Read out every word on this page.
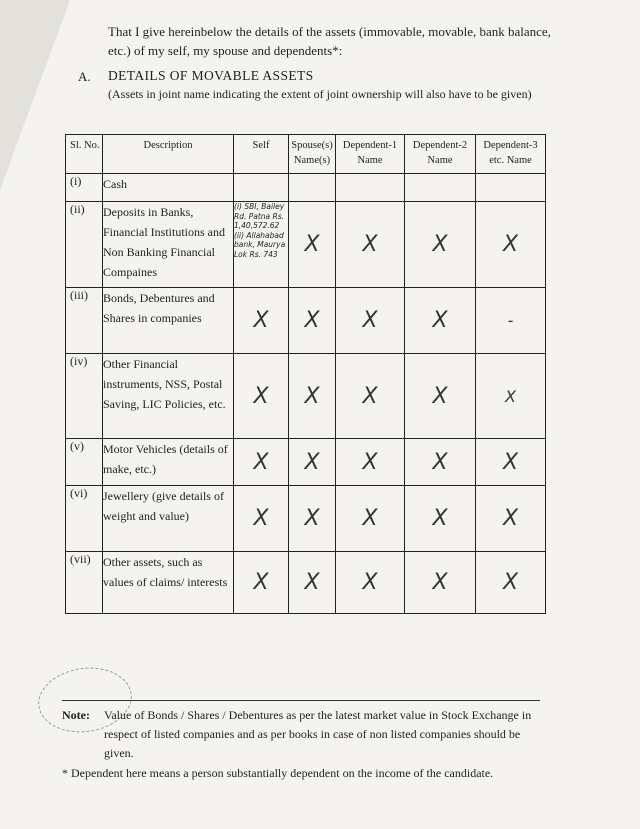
That I give hereinbelow the details of the assets (immovable, movable, bank balance, etc.) of my self, my spouse and dependents*:
A. DETAILS OF MOVABLE ASSETS
(Assets in joint name indicating the extent of joint ownership will also have to be given)
Sl. No.	Description	Self	Spouse(s) Name(s)	Dependent-1 Name	Dependent-2 Name	Dependent-3 etc. Name
(i)	Cash					
(ii)	Deposits in Banks, Financial Institutions and Non Banking Financial Compaines	(i) SBI, Bailey Rd. Patna Rs. 1,40,572.62 (ii) Allahabad bank, Maurya Lok Rs. 743	X	X	X	X
(iii)	Bonds, Debentures and Shares in companies	X	X	X	X	-
(iv)	Other Financial instruments, NSS, Postal Saving, LIC Policies, etc.	X	X	X	X	X
(v)	Motor Vehicles (details of make, etc.)	X	X	X	X	X
(vi)	Jewellery (give details of weight and value)	X	X	X	X	X
(vii)	Other assets, such as values of claims/ interests	X	X	X	X	X
Note: Value of Bonds / Shares / Debentures as per the latest market value in Stock Exchange in respect of listed companies and as per books in case of non listed companies should be given.
* Dependent here means a person substantially dependent on the income of the candidate.
